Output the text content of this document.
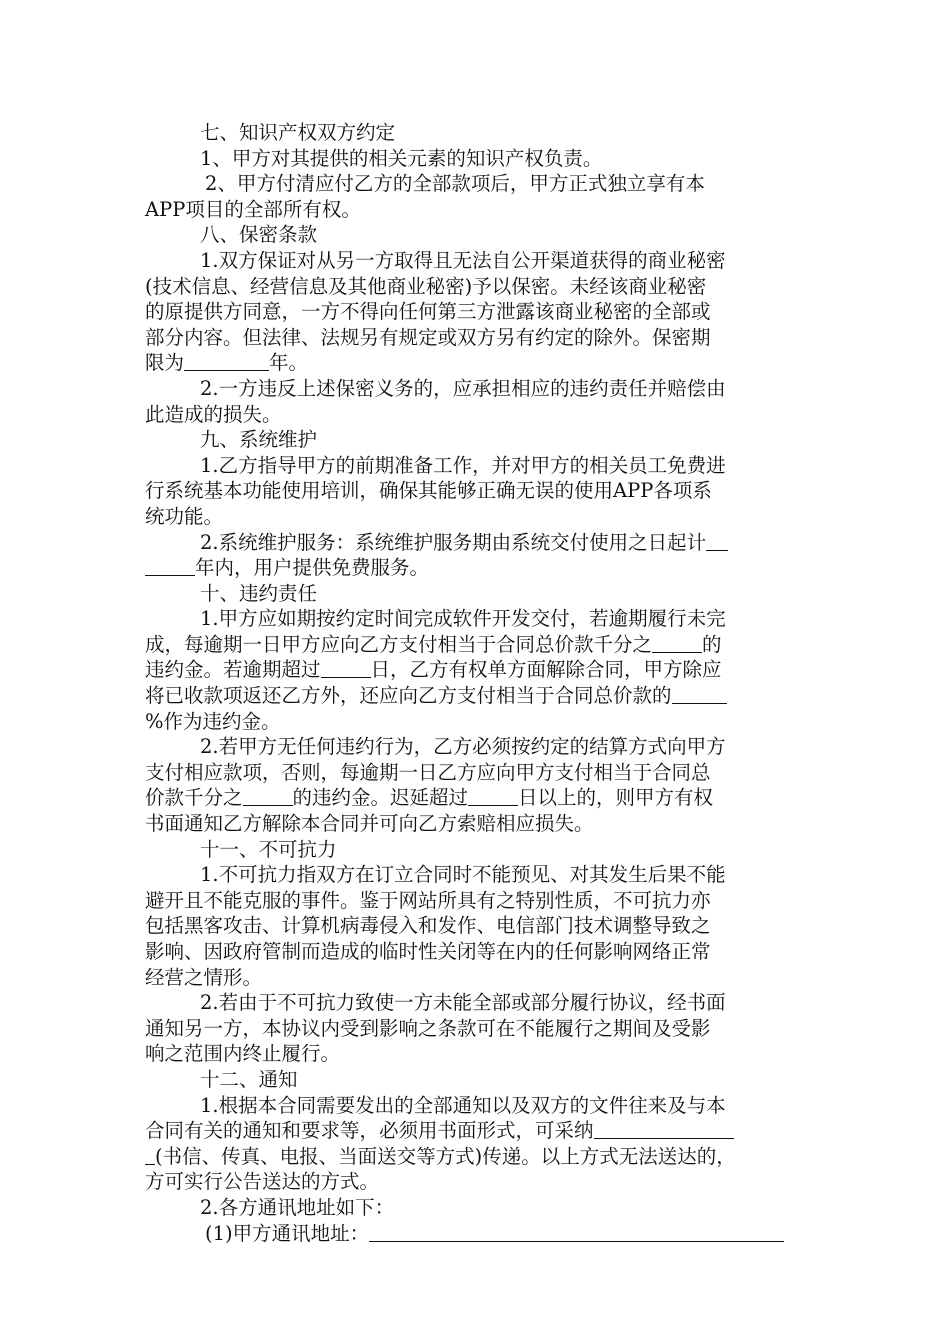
七、知识产权双方约定
1、甲方对其提供的相关元素的知识产权负责。
2、甲方付清应付乙方的全部款项后，甲方正式独立享有本
APP项目的全部所有权。
八、保密条款
1.双方保证对从另一方取得且无法自公开渠道获得的商业秘密
(技术信息、经营信息及其他商业秘密)予以保密。未经该商业秘密
的原提供方同意，一方不得向任何第三方泄露该商业秘密的全部或
部分内容。但法律、法规另有规定或双方另有约定的除外。保密期
限为	年。
2.一方违反上述保密义务的，应承担相应的违约责任并赔偿由
此造成的损失。
九、系统维护
1.乙方指导甲方的前期准备工作，并对甲方的相关员工免费进
行系统基本功能使用培训，确保其能够正确无误的使用APP各项系
统功能。
2.系统维护服务：系统维护服务期由系统交付使用之日起计
年内，用户提供免费服务。
十、违约责任
1.甲方应如期按约定时间完成软件开发交付，若逾期履行未完
成，每逾期一日甲方应向乙方支付相当于合同总价款千分之	的
违约金。若逾期超过	日，乙方有权单方面解除合同，甲方除应
将已收款项返还乙方外，还应向乙方支付相当于合同总价款的
%作为违约金。
2.若甲方无任何违约行为，乙方必须按约定的结算方式向甲方
支付相应款项，否则，每逾期一日乙方应向甲方支付相当于合同总
价款千分之	的违约金。迟延超过	日以上的，则甲方有权
书面通知乙方解除本合同并可向乙方索赔相应损失。
十一、不可抗力
1.不可抗力指双方在订立合同时不能预见、对其发生后果不能
避开且不能克服的事件。鉴于网站所具有之特别性质，不可抗力亦
包括黑客攻击、计算机病毒侵入和发作、电信部门技术调整导致之
影响、因政府管制而造成的临时性关闭等在内的任何影响网络正常
经营之情形。
2.若由于不可抗力致使一方未能全部或部分履行协议，经书面
通知另一方，本协议内受到影响之条款可在不能履行之期间及受影
响之范围内终止履行。
十二、通知
1.根据本合同需要发出的全部通知以及双方的文件往来及与本
合同有关的通知和要求等，必须用书面形式，可采纳
(书信、传真、电报、当面送交等方式)传递。以上方式无法送达的，
方可实行公告送达的方式。
2.各方通讯地址如下：
(1)甲方通讯地址：
